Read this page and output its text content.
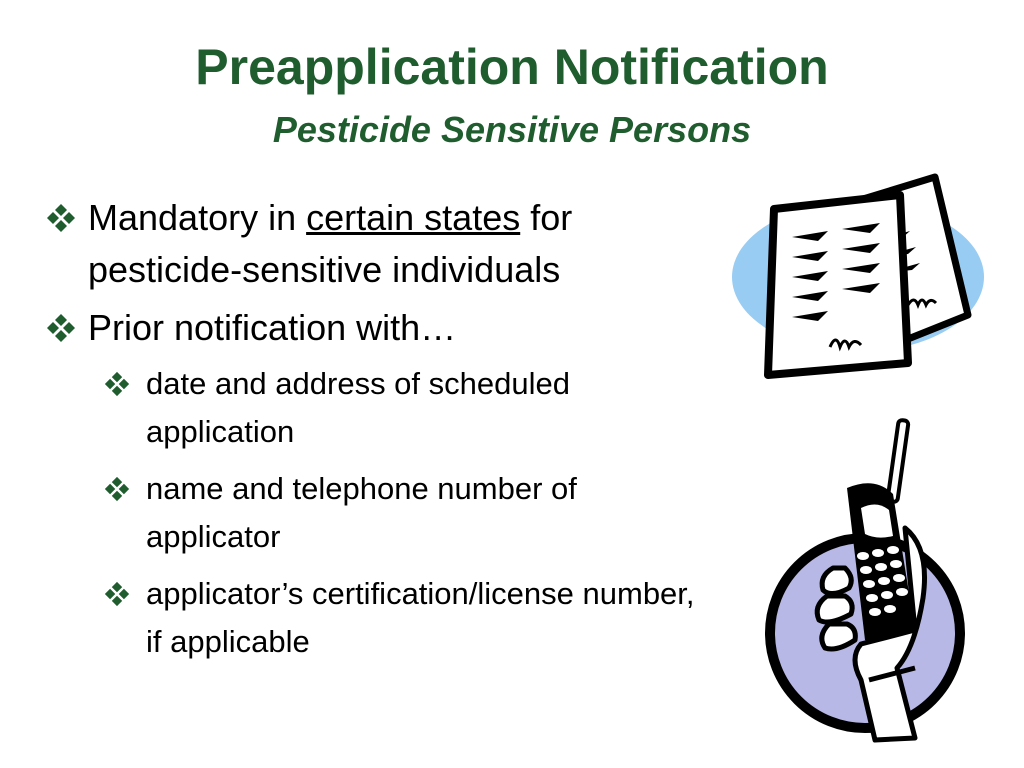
Preapplication Notification
Pesticide Sensitive Persons
Mandatory in certain states for pesticide-sensitive individuals
Prior notification with…
date and address of scheduled application
name and telephone number of applicator
applicator’s certification/license number, if applicable
